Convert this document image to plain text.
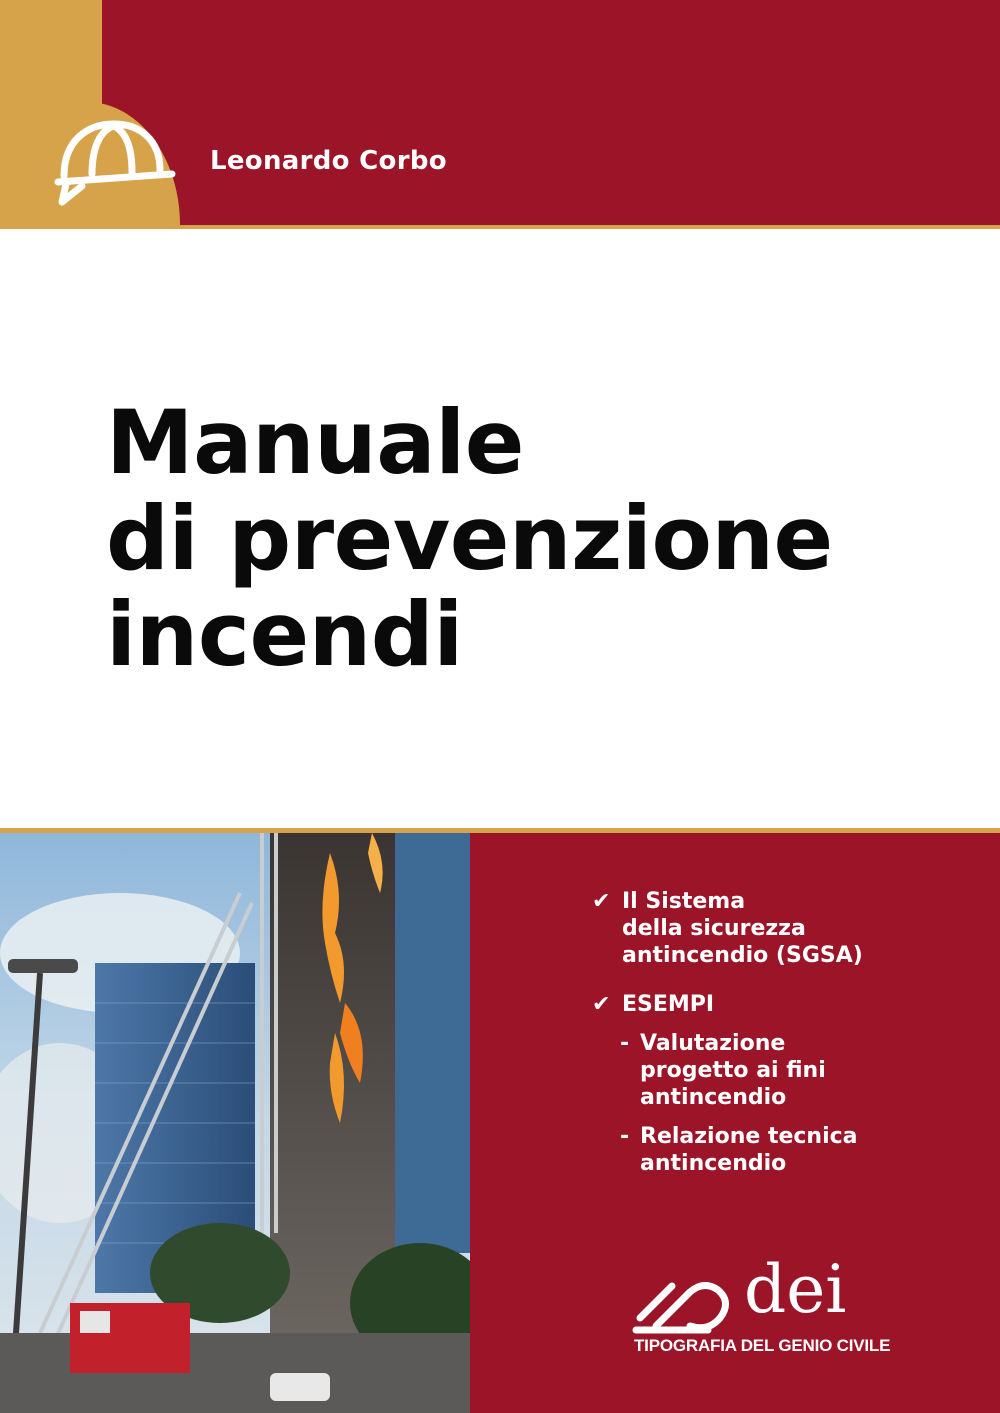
Leonardo Corbo
Manuale
di prevenzione
incendi
✔ Il Sistema
della sicurezza
antincendio (SGSA)
✔ ESEMPI
- Valutazione
progetto ai fini
antincendio
- Relazione tecnica
antincendio
dei
TIPOGRAFIA DEL GENIO CIVILE
